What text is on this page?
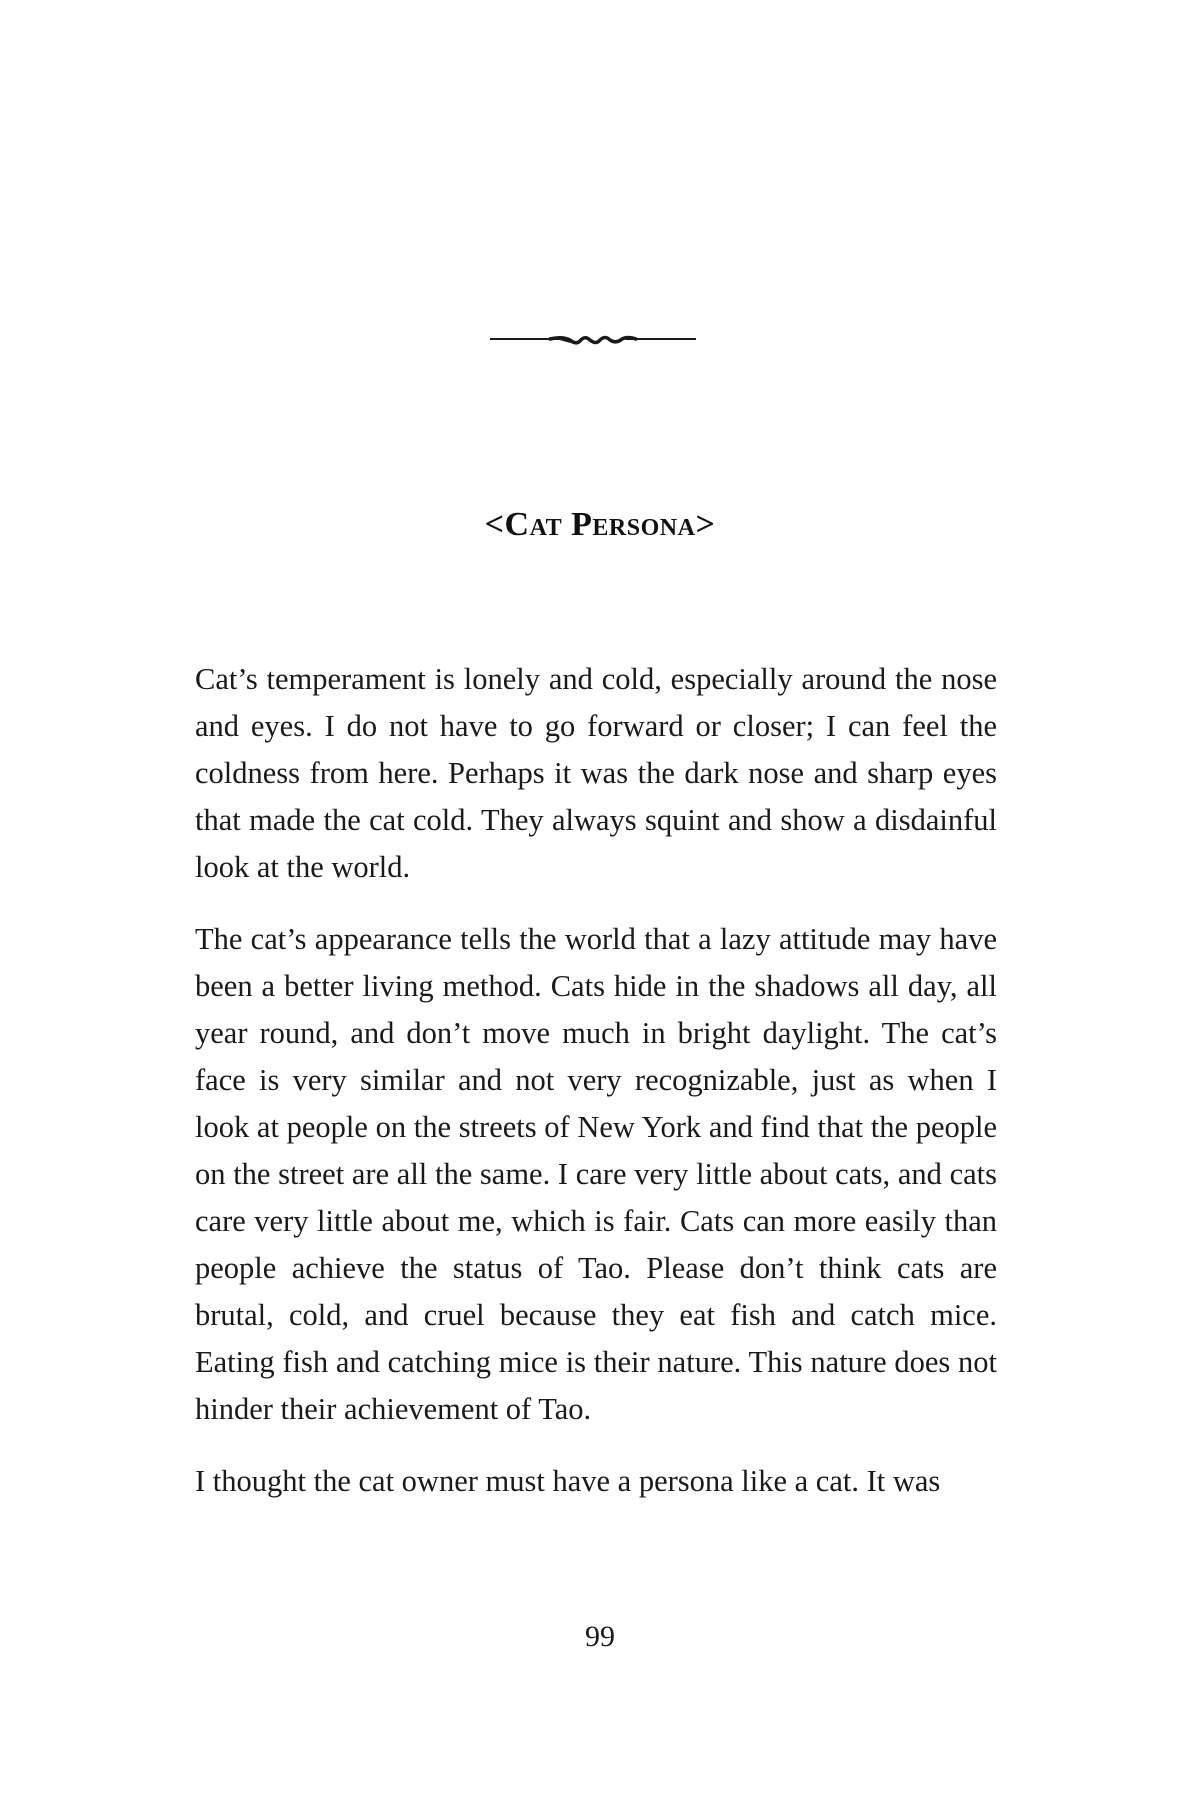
<Cat Persona>

Cat’s temperament is lonely and cold, especially around the nose and eyes. I do not have to go forward or closer; I can feel the coldness from here. Perhaps it was the dark nose and sharp eyes that made the cat cold. They always squint and show a disdainful look at the world.

The cat’s appearance tells the world that a lazy attitude may have been a better living method. Cats hide in the shadows all day, all year round, and don’t move much in bright daylight. The cat’s face is very similar and not very recognizable, just as when I look at people on the streets of New York and find that the people on the street are all the same. I care very little about cats, and cats care very little about me, which is fair. Cats can more easily than people achieve the status of Tao. Please don’t think cats are brutal, cold, and cruel because they eat fish and catch mice. Eating fish and catching mice is their nature. This nature does not hinder their achievement of Tao.

I thought the cat owner must have a persona like a cat. It was

99
